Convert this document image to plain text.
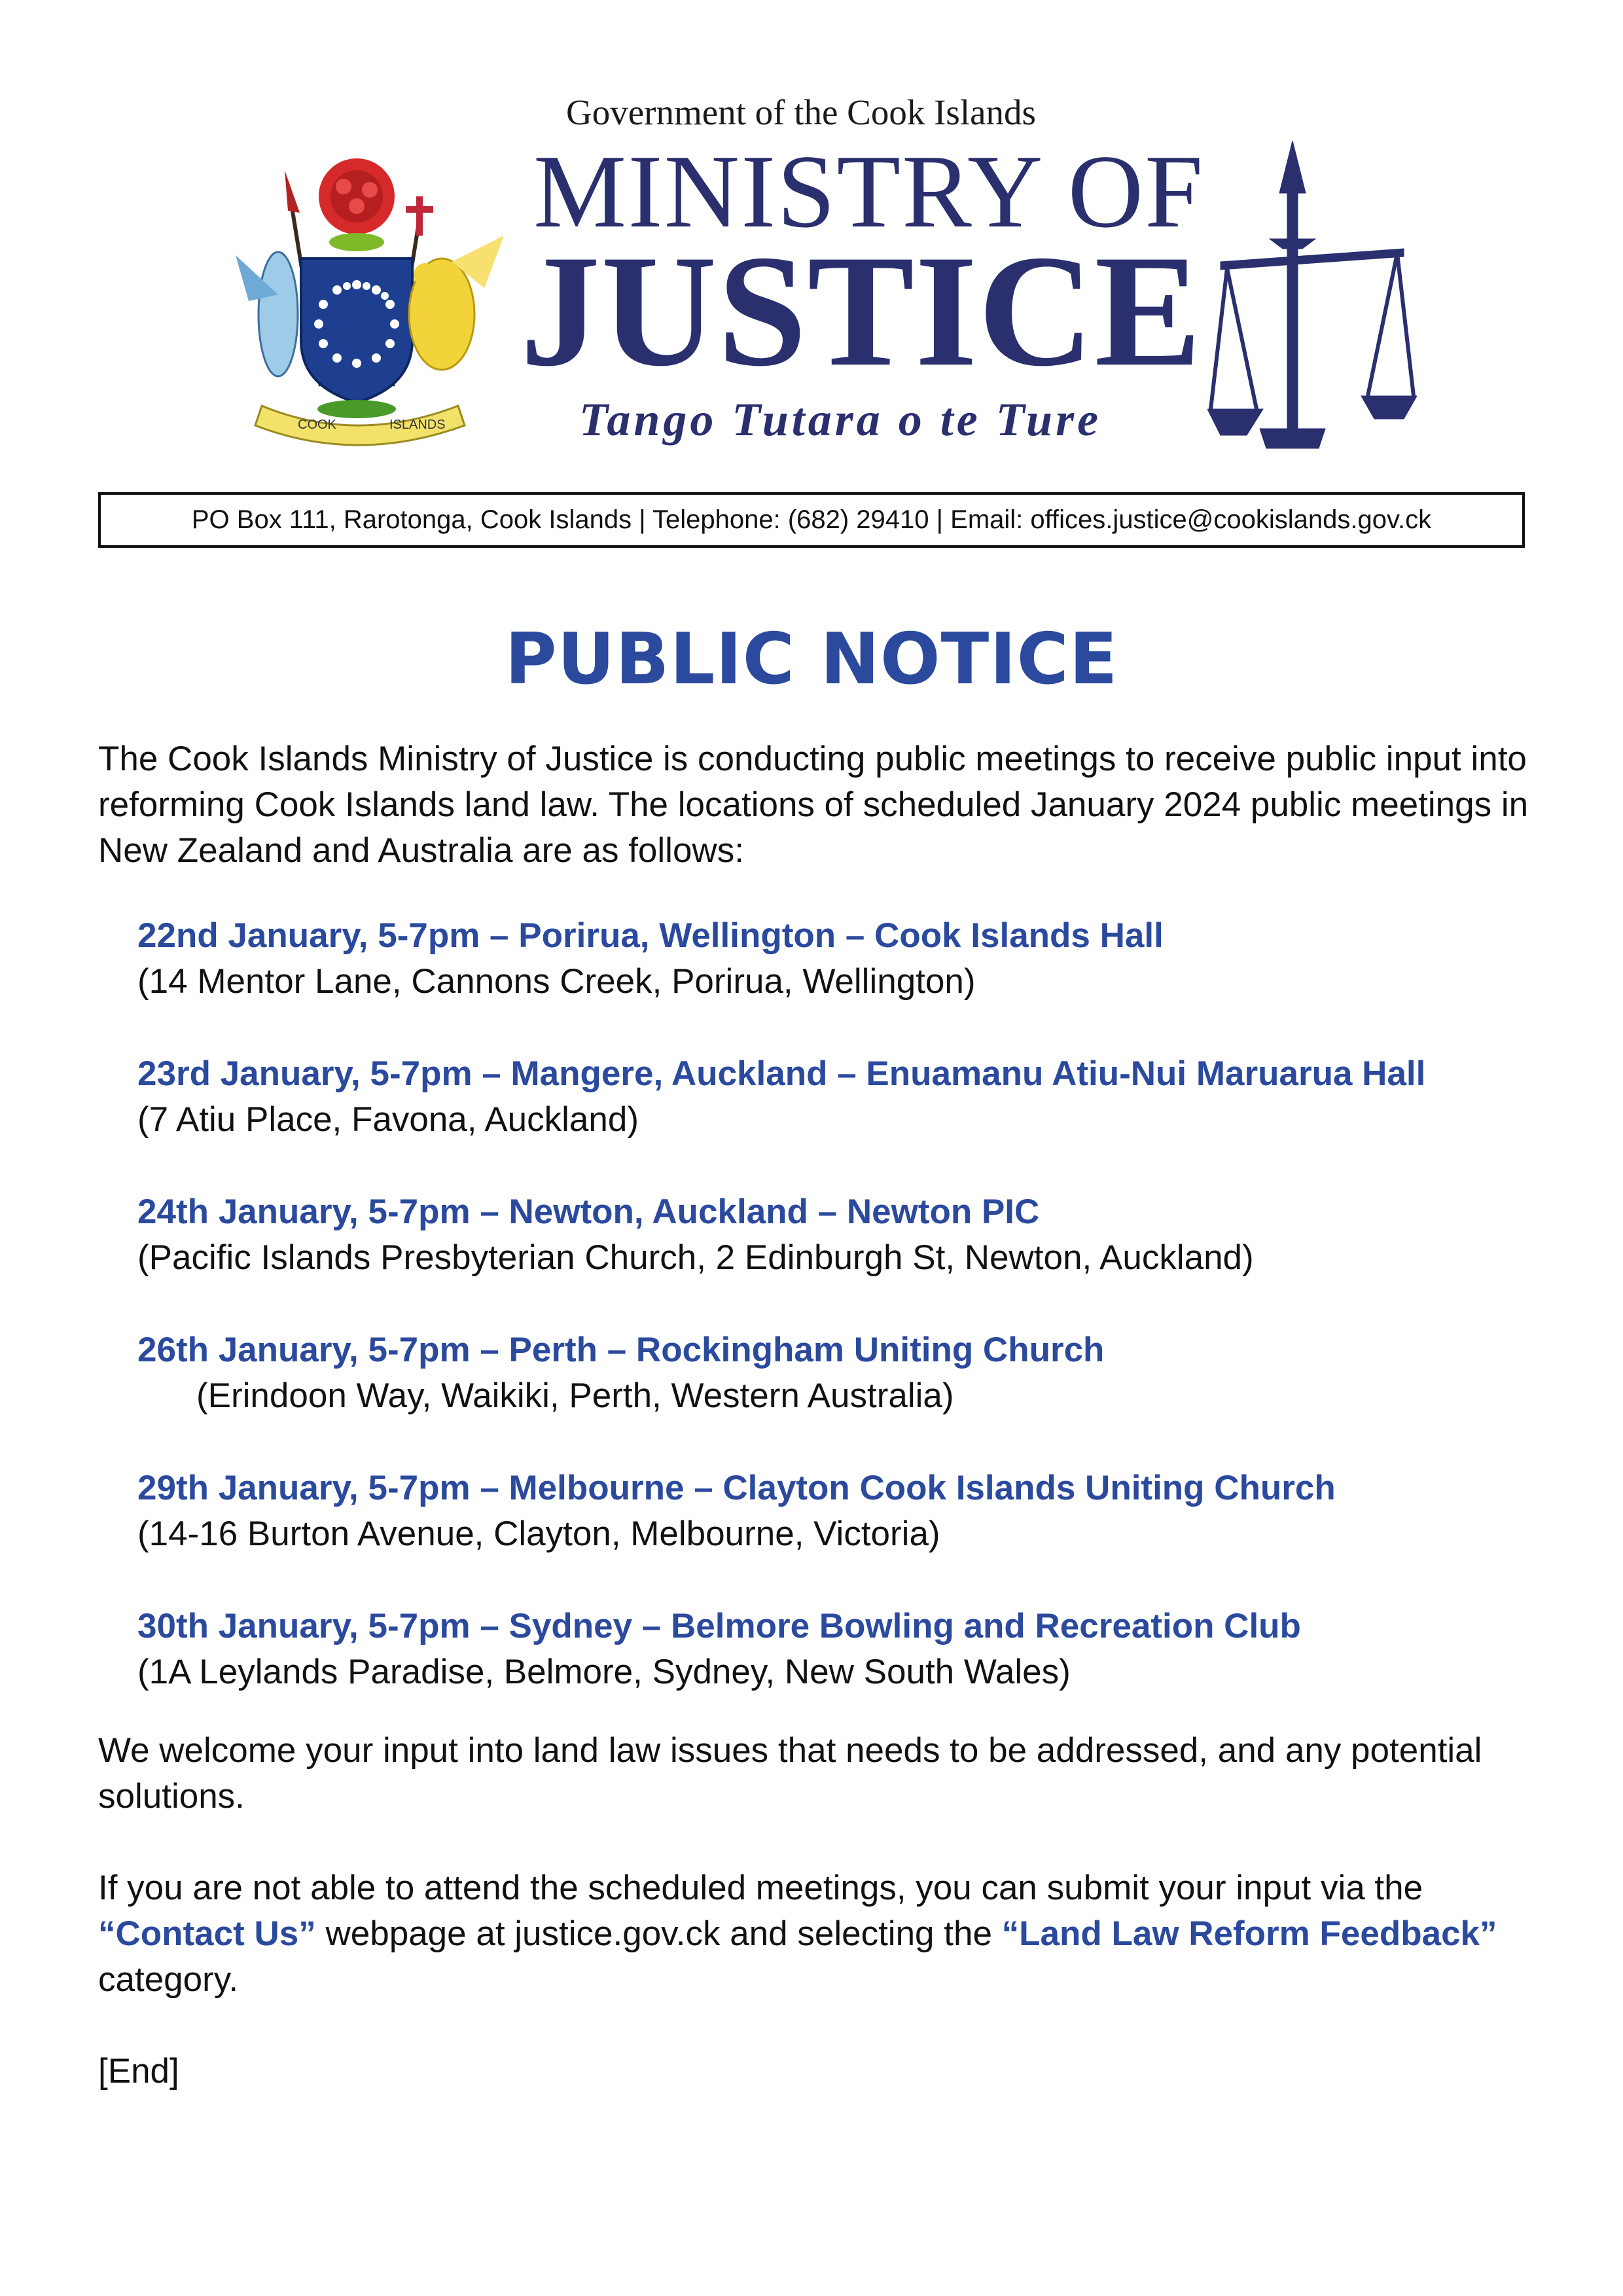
COOK	ISLANDS
Government of the Cook Islands
MINISTRY OF
JUSTICE
Tango Tutara o te Ture
PO Box 111, Rarotonga, Cook Islands | Telephone: (682) 29410 | Email: offices.justice@cookislands.gov.ck
PUBLIC NOTICE
The Cook Islands Ministry of Justice is conducting public meetings to receive public input into reforming Cook Islands land law. The locations of scheduled January 2024 public meetings in New Zealand and Australia are as follows:
22nd January, 5-7pm – Porirua, Wellington – Cook Islands Hall
(14 Mentor Lane, Cannons Creek, Porirua, Wellington)
23rd January, 5-7pm – Mangere, Auckland – Enuamanu Atiu-Nui Maruarua Hall
(7 Atiu Place, Favona, Auckland)
24th January, 5-7pm – Newton, Auckland – Newton PIC
(Pacific Islands Presbyterian Church, 2 Edinburgh St, Newton, Auckland)
26th January, 5-7pm – Perth – Rockingham Uniting Church
(Erindoon Way, Waikiki, Perth, Western Australia)
29th January, 5-7pm – Melbourne – Clayton Cook Islands Uniting Church
(14-16 Burton Avenue, Clayton, Melbourne, Victoria)
30th January, 5-7pm – Sydney – Belmore Bowling and Recreation Club
(1A Leylands Paradise, Belmore, Sydney, New South Wales)
We welcome your input into land law issues that needs to be addressed, and any potential solutions.
If you are not able to attend the scheduled meetings, you can submit your input via the “Contact Us” webpage at justice.gov.ck and selecting the “Land Law Reform Feedback” category.
[End]
